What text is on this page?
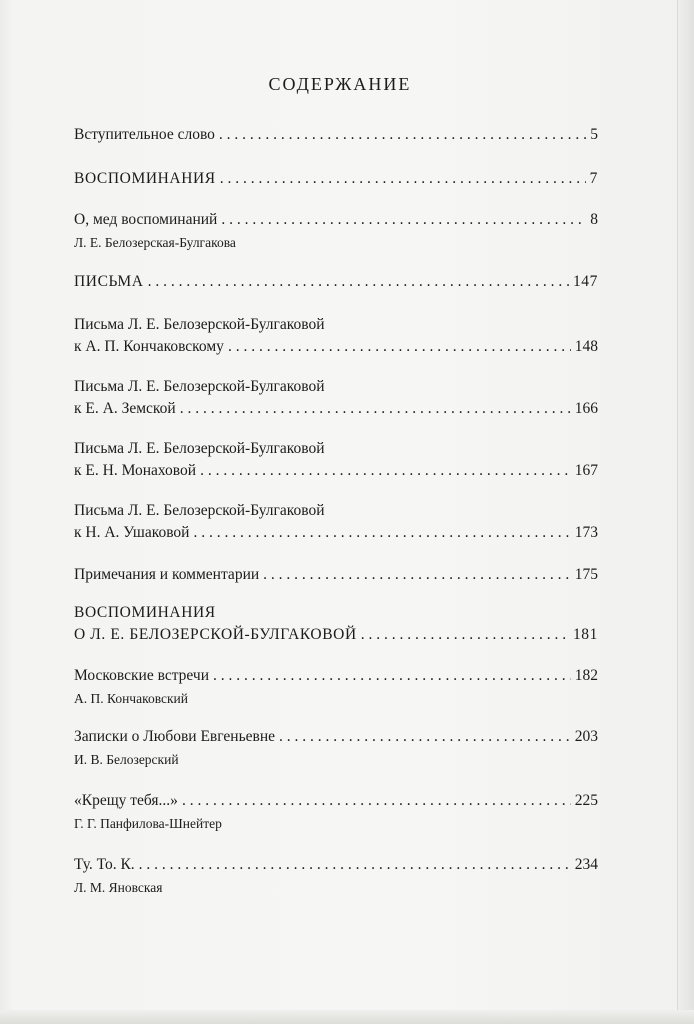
СОДЕРЖАНИЕ
Вступительное слово . . .	5
ВОСПОМИНАНИЯ . . .	7
О, мед воспоминаний . . .	8
Л. Е. Белозерская-Булгакова
ПИСЬМА . . .	147
Письма Л. Е. Белозерской-Булгаковой
к А. П. Кончаковскому . . .	148
Письма Л. Е. Белозерской-Булгаковой
к Е. А. Земской . . .	166
Письма Л. Е. Белозерской-Булгаковой
к Е. Н. Монаховой . . .	167
Письма Л. Е. Белозерской-Булгаковой
к Н. А. Ушаковой . . .	173
Примечания и комментарии . . .	175
ВОСПОМИНАНИЯ
О Л. Е. БЕЛОЗЕРСКОЙ-БУЛГАКОВОЙ . . .	181
Московские встречи . . .	182
А. П. Кончаковский
Записки о Любови Евгеньевне . . .	203
И. В. Белозерский
«Крещу тебя...» . . .	225
Г. Г. Панфилова-Шнейтер
Ту. То. К. . . .	234
Л. М. Яновская
